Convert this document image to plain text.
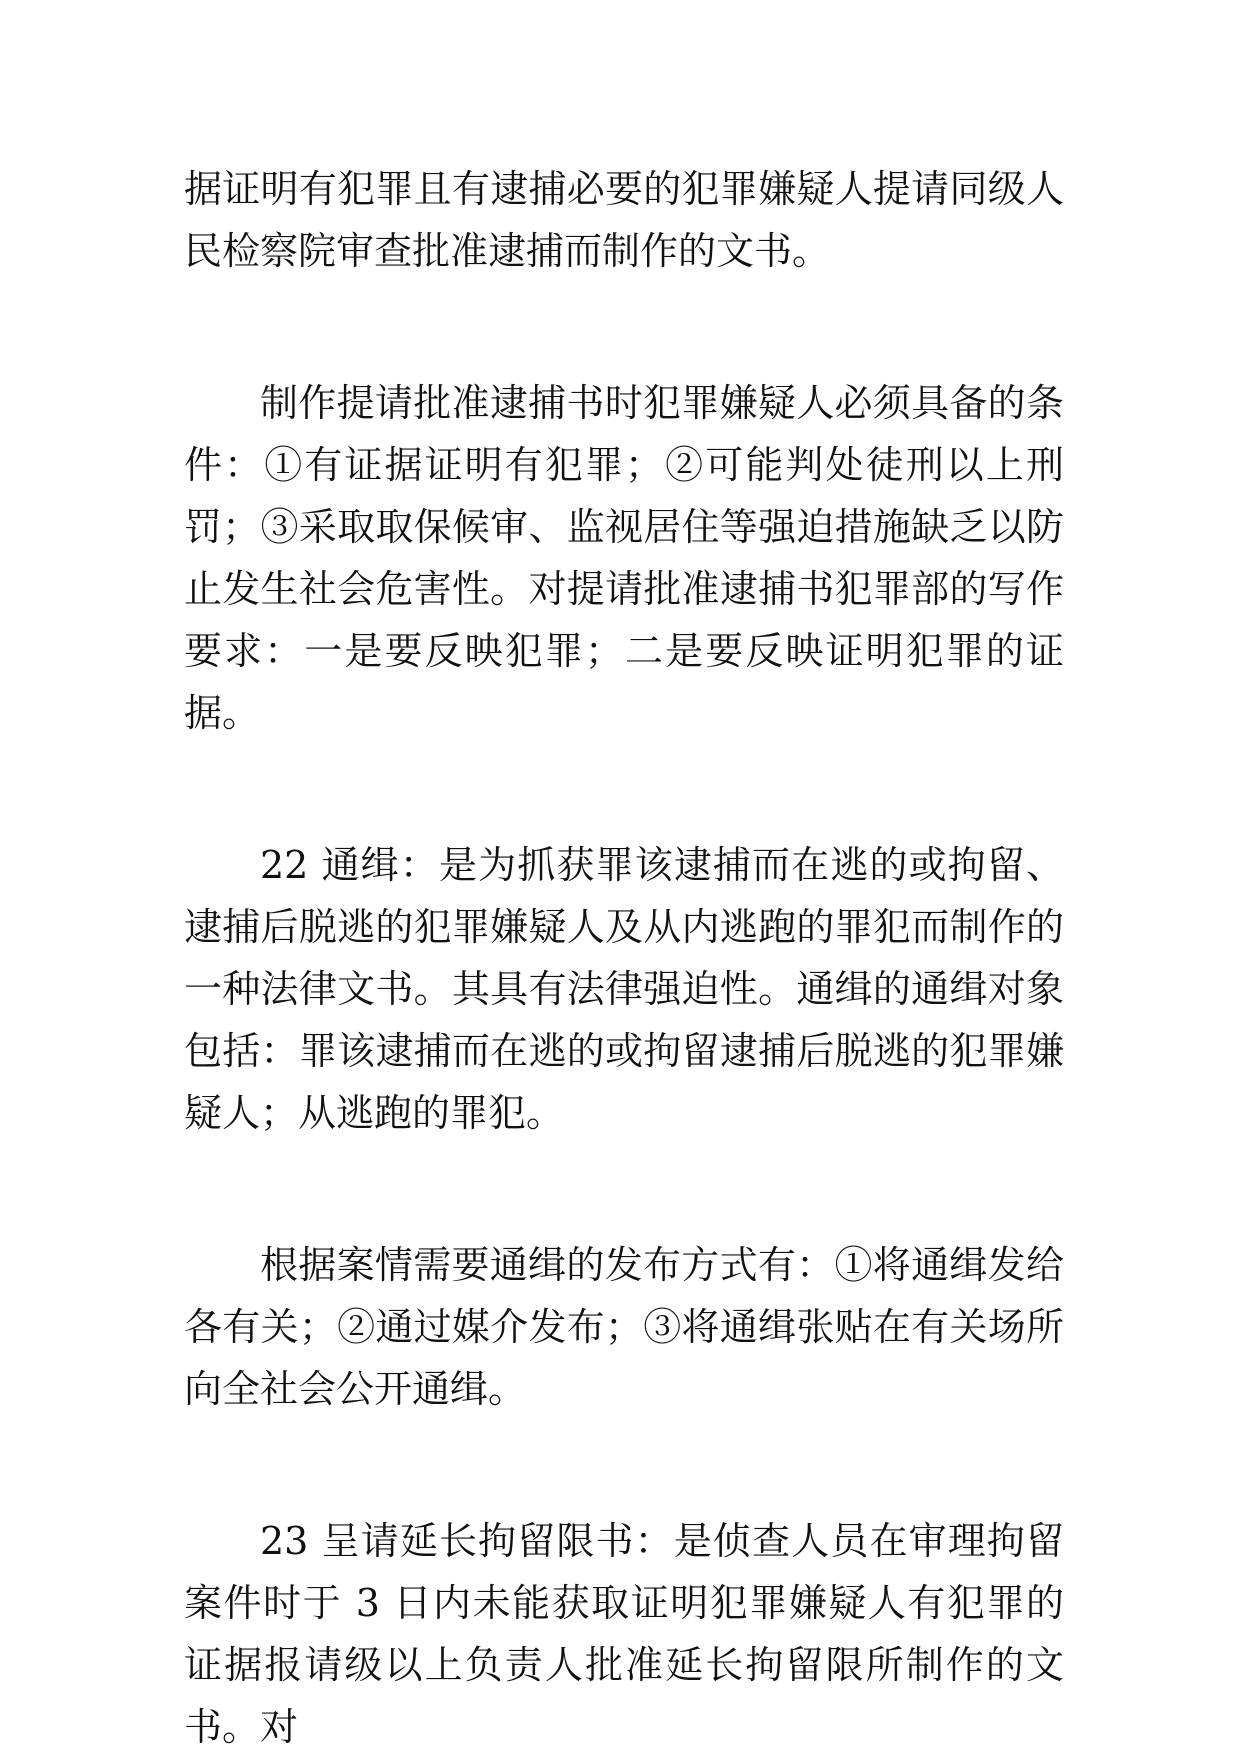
据证明有犯罪且有逮捕必要的犯罪嫌疑人提请同级人民检察院审查批准逮捕而制作的文书。

制作提请批准逮捕书时犯罪嫌疑人必须具备的条件：①有证据证明有犯罪；②可能判处徒刑以上刑罚；③采取取保候审、监视居住等强迫措施缺乏以防止发生社会危害性。对提请批准逮捕书犯罪部的写作要求：一是要反映犯罪；二是要反映证明犯罪的证据。

22 通缉：是为抓获罪该逮捕而在逃的或拘留、逮捕后脱逃的犯罪嫌疑人及从内逃跑的罪犯而制作的一种法律文书。其具有法律强迫性。通缉的通缉对象包括：罪该逮捕而在逃的或拘留逮捕后脱逃的犯罪嫌疑人；从逃跑的罪犯。

根据案情需要通缉的发布方式有：①将通缉发给各有关；②通过媒介发布；③将通缉张贴在有关场所向全社会公开通缉。

23 呈请延长拘留限书：是侦查人员在审理拘留案件时于 3 日内未能获取证明犯罪嫌疑人有犯罪的证据报请级以上负责人批准延长拘留限所制作的文书。对
